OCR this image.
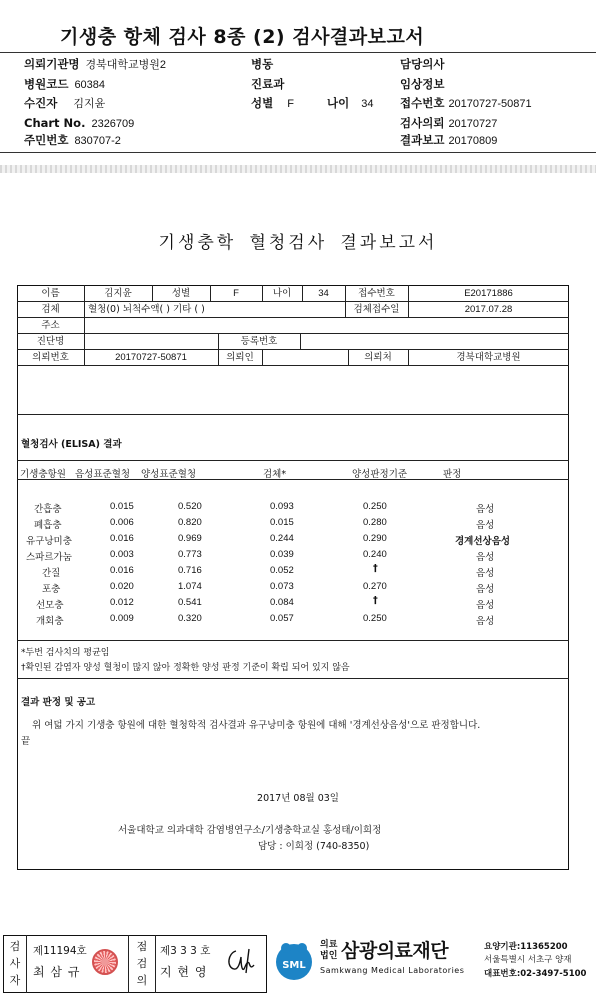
기생충 항체 검사 8종 (2) 검사결과보고서
의뢰기관명 경북대학교병원2
병원코드 60384
수진자 김지윤
Chart No. 2326709
주민번호 830707-2
병동
진료과
성별 F	나이 34
담당의사
임상정보
접수번호 20170727-50871
검사의뢰 20170727
결과보고 20170809
기생충학 혈청검사 결과보고서
이름	김지윤	성별	F	나이	34	접수번호	E20171886
검체	혈청(0) 뇌척수액( ) 기타 ( )	검체접수일	2017.07.28
주소
진단명	등록번호
의뢰번호	20170727-50871	의뢰인	의뢰처	경북대학교병원
혈청검사 (ELISA) 결과
기생충항원 음성표준혈청 양성표준혈청	검체*	양성판정기준	판정
간흡충	0.015	0.520	0.093	0.250	음성
폐흡충	0.006	0.820	0.015	0.280	음성
유구낭미충	0.016	0.969	0.244	0.290	경계선상음성
스파르가눔	0.003	0.773	0.039	0.240	음성
간질	0.016	0.716	0.052	†	음성
포충	0.020	1.074	0.073	0.270	음성
선모충	0.012	0.541	0.084	†	음성
개회충	0.009	0.320	0.057	0.250	음성
*두번 검사치의 평균임
†확인된 감염자 양성 혈청이 많지 않아 정확한 양성 판정 기준이 확립 되어 있지 않음
결과 판정 및 공고
위 여덟 가지 기생충 항원에 대한 혈청학적 검사결과 유구낭미충 항원에 대해 '경계선상음성'으로 판정합니다.
끝
2017년 08월 03일
서울대학교 의과대학 감염병연구소/기생충학교실 홍성태/이희정
담당 : 이희정 (740-8350)
검사자
제11194호
최 삼 규
점검의
제3 3 3 호
지 현 영	SML
의료
법인 삼광의료재단
Samkwang Medical Laboratories
요양기관:11365200
서울특별시 서초구 양재
대표번호:02-3497-5100
